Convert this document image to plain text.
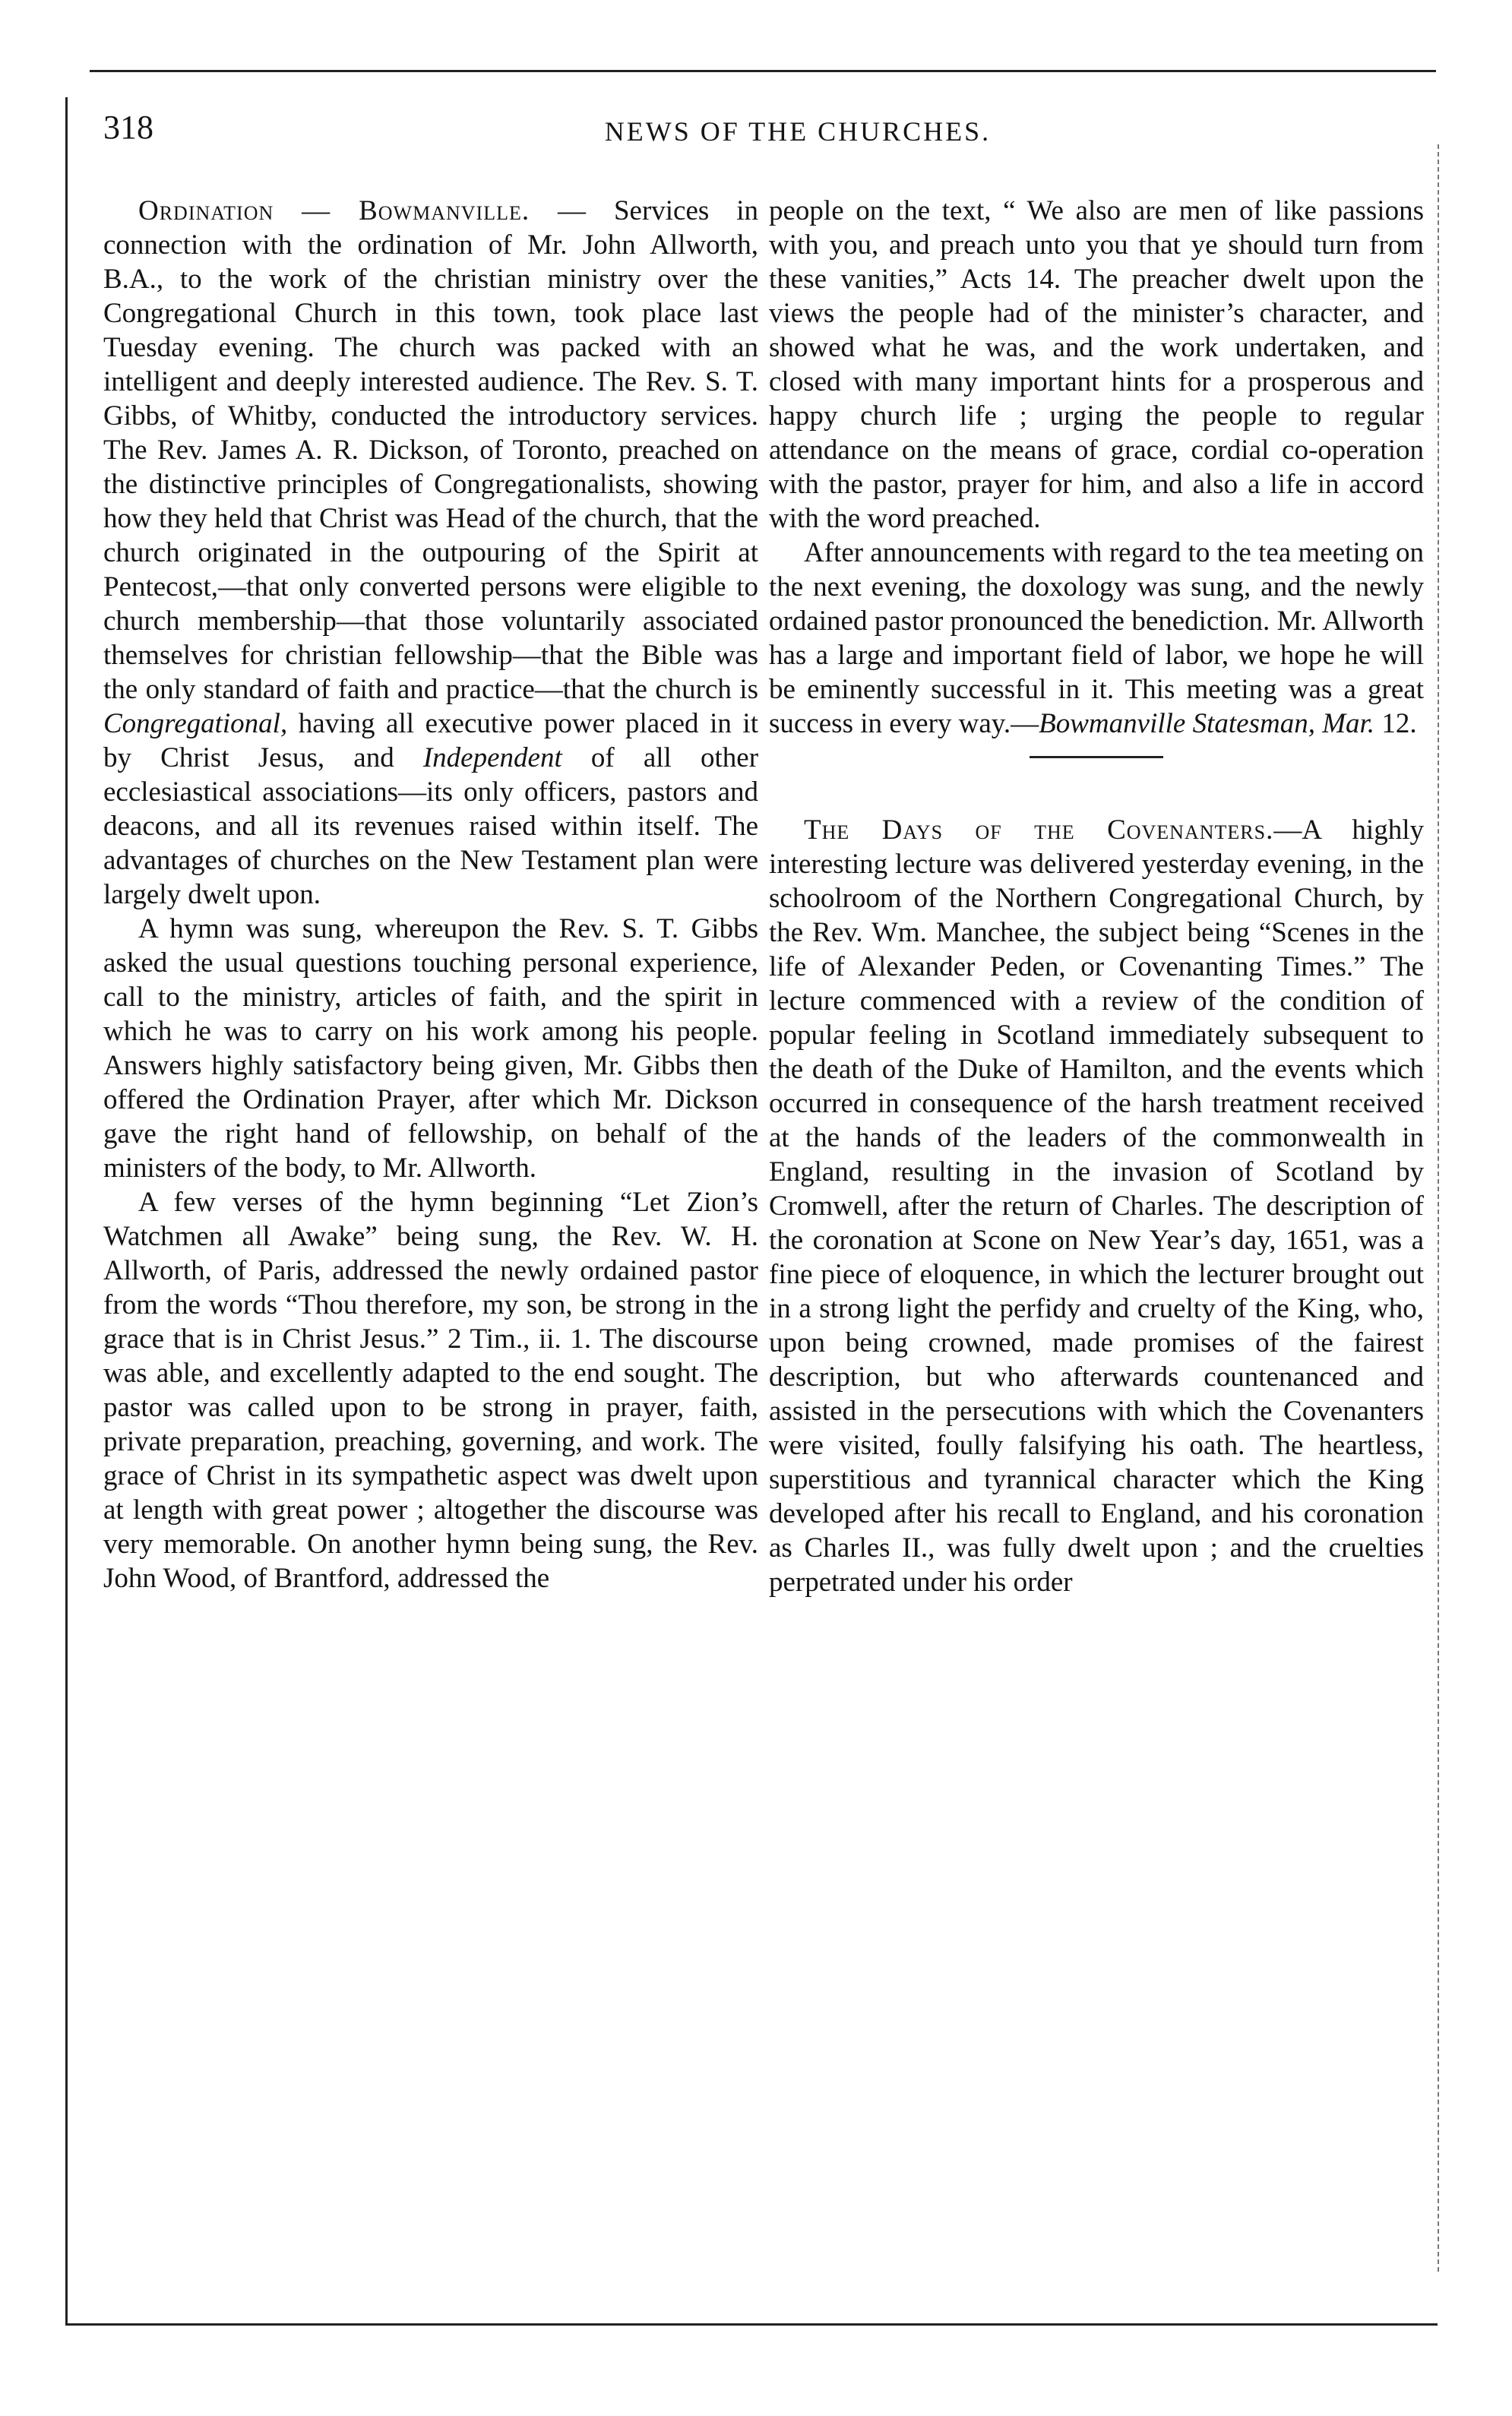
318	NEWS OF THE CHURCHES.

Ordination — Bowmanville. — Services in connection with the ordination of Mr. John Allworth, B.A., to the work of the christian ministry over the Congregational Church in this town, took place last Tuesday evening. The church was packed with an intelligent and deeply interested audience. The Rev. S. T. Gibbs, of Whitby, conducted the introductory services. The Rev. James A. R. Dickson, of Toronto, preached on the distinctive principles of Congregationalists, showing how they held that Christ was Head of the church, that the church originated in the outpouring of the Spirit at Pentecost,—that only converted persons were eligible to church membership—that those voluntarily associated themselves for christian fellowship—that the Bible was the only standard of faith and practice—that the church is Congregational, having all executive power placed in it by Christ Jesus, and Independent of all other ecclesiastical associations—its only officers, pastors and deacons, and all its revenues raised within itself. The advantages of churches on the New Testament plan were largely dwelt upon.

A hymn was sung, whereupon the Rev. S. T. Gibbs asked the usual questions touching personal experience, call to the ministry, articles of faith, and the spirit in which he was to carry on his work among his people. Answers highly satisfactory being given, Mr. Gibbs then offered the Ordination Prayer, after which Mr. Dickson gave the right hand of fellowship, on behalf of the ministers of the body, to Mr. Allworth.

A few verses of the hymn beginning “Let Zion’s Watchmen all Awake” being sung, the Rev. W. H. Allworth, of Paris, addressed the newly ordained pastor from the words “Thou therefore, my son, be strong in the grace that is in Christ Jesus.” 2 Tim., ii. 1. The discourse was able, and excellently adapted to the end sought. The pastor was called upon to be strong in prayer, faith, private preparation, preaching, governing, and work. The grace of Christ in its sympathetic aspect was dwelt upon at length with great power ; altogether the discourse was very memorable. On another hymn being sung, the Rev. John Wood, of Brantford, addressed the

people on the text, “ We also are men of like passions with you, and preach unto you that ye should turn from these vanities,” Acts 14. The preacher dwelt upon the views the people had of the minister’s character, and showed what he was, and the work undertaken, and closed with many important hints for a prosperous and happy church life ; urging the people to regular attendance on the means of grace, cordial co-operation with the pastor, prayer for him, and also a life in accord with the word preached.

After announcements with regard to the tea meeting on the next evening, the doxology was sung, and the newly ordained pastor pronounced the benediction. Mr. Allworth has a large and important field of labor, we hope he will be eminently successful in it. This meeting was a great success in every way.—Bowmanville Statesman, Mar. 12.

The Days of the Covenanters.—A highly interesting lecture was delivered yesterday evening, in the schoolroom of the Northern Congregational Church, by the Rev. Wm. Manchee, the subject being “Scenes in the life of Alexander Peden, or Covenanting Times.” The lecture commenced with a review of the condition of popular feeling in Scotland immediately subsequent to the death of the Duke of Hamilton, and the events which occurred in consequence of the harsh treatment received at the hands of the leaders of the commonwealth in England, resulting in the invasion of Scotland by Cromwell, after the return of Charles. The description of the coronation at Scone on New Year’s day, 1651, was a fine piece of eloquence, in which the lecturer brought out in a strong light the perfidy and cruelty of the King, who, upon being crowned, made promises of the fairest description, but who afterwards countenanced and assisted in the persecutions with which the Covenanters were visited, foully falsifying his oath. The heartless, superstitious and tyrannical character which the King developed after his recall to England, and his coronation as Charles II., was fully dwelt upon ; and the cruelties perpetrated under his order
